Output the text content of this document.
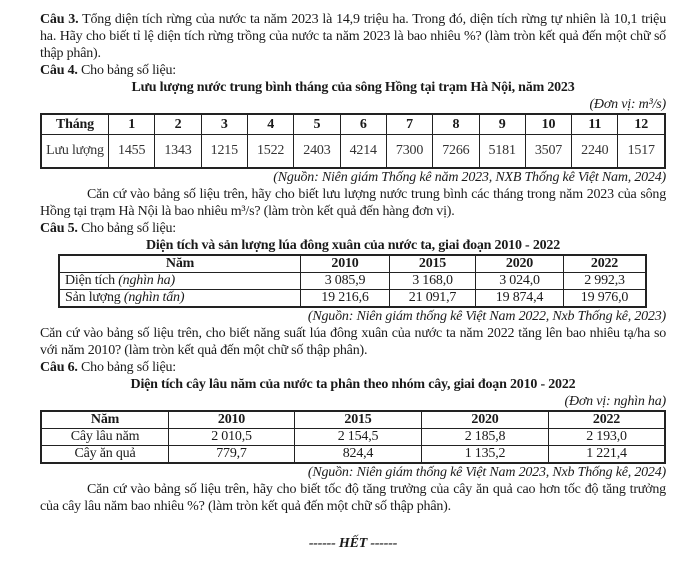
Câu 3. Tổng diện tích rừng của nước ta năm 2023 là 14,9 triệu ha. Trong đó, diện tích rừng tự nhiên là 10,1 triệu ha. Hãy cho biết tỉ lệ diện tích rừng trồng của nước ta năm 2023 là bao nhiêu %? (làm tròn kết quả đến một chữ số thập phân).
Câu 4. Cho bảng số liệu:
Lưu lượng nước trung bình tháng của sông Hồng tại trạm Hà Nội, năm 2023
(Đơn vị: m³/s)
Tháng	1	2	3	4	5	6	7	8	9	10	11	12
Lưu lượng	1455	1343	1215	1522	2403	4214	7300	7266	5181	3507	2240	1517
(Nguồn: Niên giám Thống kê năm 2023, NXB Thống kê Việt Nam, 2024)
Căn cứ vào bảng số liệu trên, hãy cho biết lưu lượng nước trung bình các tháng trong năm 2023 của sông Hồng tại trạm Hà Nội là bao nhiêu m³/s? (làm tròn kết quả đến hàng đơn vị).
Câu 5. Cho bảng số liệu:
Diện tích và sản lượng lúa đông xuân của nước ta, giai đoạn 2010 - 2022
Năm	2010	2015	2020	2022
Diện tích (nghìn ha)	3 085,9	3 168,0	3 024,0	2 992,3
Sản lượng (nghìn tấn)	19 216,6	21 091,7	19 874,4	19 976,0
(Nguồn: Niên giám thống kê Việt Nam 2022, Nxb Thống kê, 2023)
Căn cứ vào bảng số liệu trên, cho biết năng suất lúa đông xuân của nước ta năm 2022 tăng lên bao nhiêu tạ/ha so với năm 2010? (làm tròn kết quả đến một chữ số thập phân).
Câu 6. Cho bảng số liệu:
Diện tích cây lâu năm của nước ta phân theo nhóm cây, giai đoạn 2010 - 2022
(Đơn vị: nghìn ha)
Năm	2010	2015	2020	2022
Cây lâu năm	2 010,5	2 154,5	2 185,8	2 193,0
Cây ăn quả	779,7	824,4	1 135,2	1 221,4
(Nguồn: Niên giám thống kê Việt Nam 2023, Nxb Thống kê, 2024)
Căn cứ vào bảng số liệu trên, hãy cho biết tốc độ tăng trưởng của cây ăn quả cao hơn tốc độ tăng trưởng của cây lâu năm bao nhiêu %? (làm tròn kết quả đến một chữ số thập phân).
------ HẾT ------
